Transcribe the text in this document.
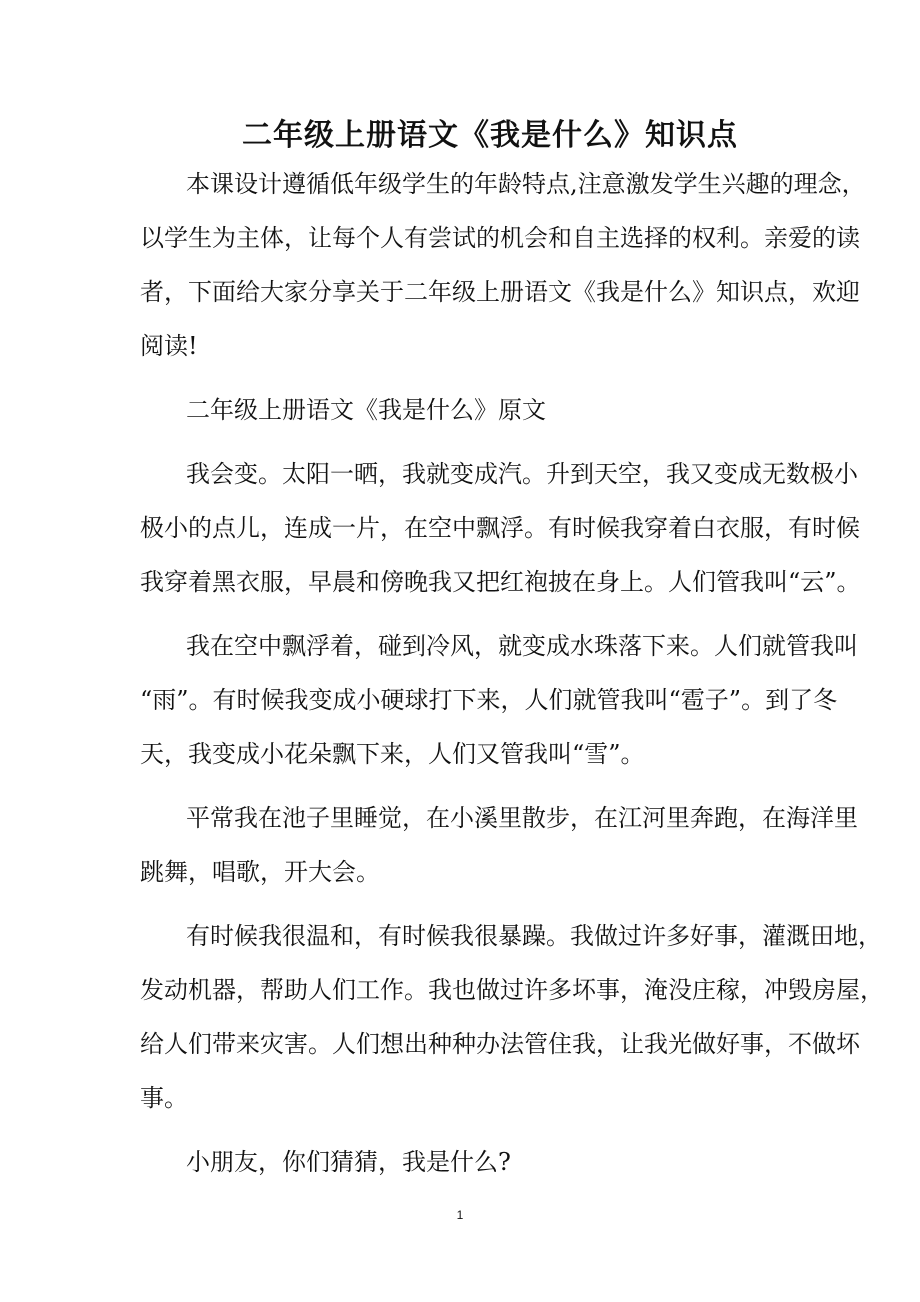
二年级上册语文《我是什么》知识点
本课设计遵循低年级学生的年龄特点,注意激发学生兴趣的理念，
以学生为主体，让每个人有尝试的机会和自主选择的权利。亲爱的读
者，下面给大家分享关于二年级上册语文《我是什么》知识点，欢迎
阅读!
二年级上册语文《我是什么》原文
我会变。太阳一晒，我就变成汽。升到天空，我又变成无数极小
极小的点儿，连成一片，在空中飘浮。有时候我穿着白衣服，有时候
我穿着黑衣服，早晨和傍晚我又把红袍披在身上。人们管我叫“云”。
我在空中飘浮着，碰到冷风，就变成水珠落下来。人们就管我叫
“雨”。有时候我变成小硬球打下来，人们就管我叫“雹子”。到了冬
天，我变成小花朵飘下来，人们又管我叫“雪”。
平常我在池子里睡觉，在小溪里散步，在江河里奔跑，在海洋里
跳舞，唱歌，开大会。
有时候我很温和，有时候我很暴躁。我做过许多好事，灌溉田地，
发动机器，帮助人们工作。我也做过许多坏事，淹没庄稼，冲毁房屋，
给人们带来灾害。人们想出种种办法管住我，让我光做好事，不做坏
事。
小朋友，你们猜猜，我是什么?
1
